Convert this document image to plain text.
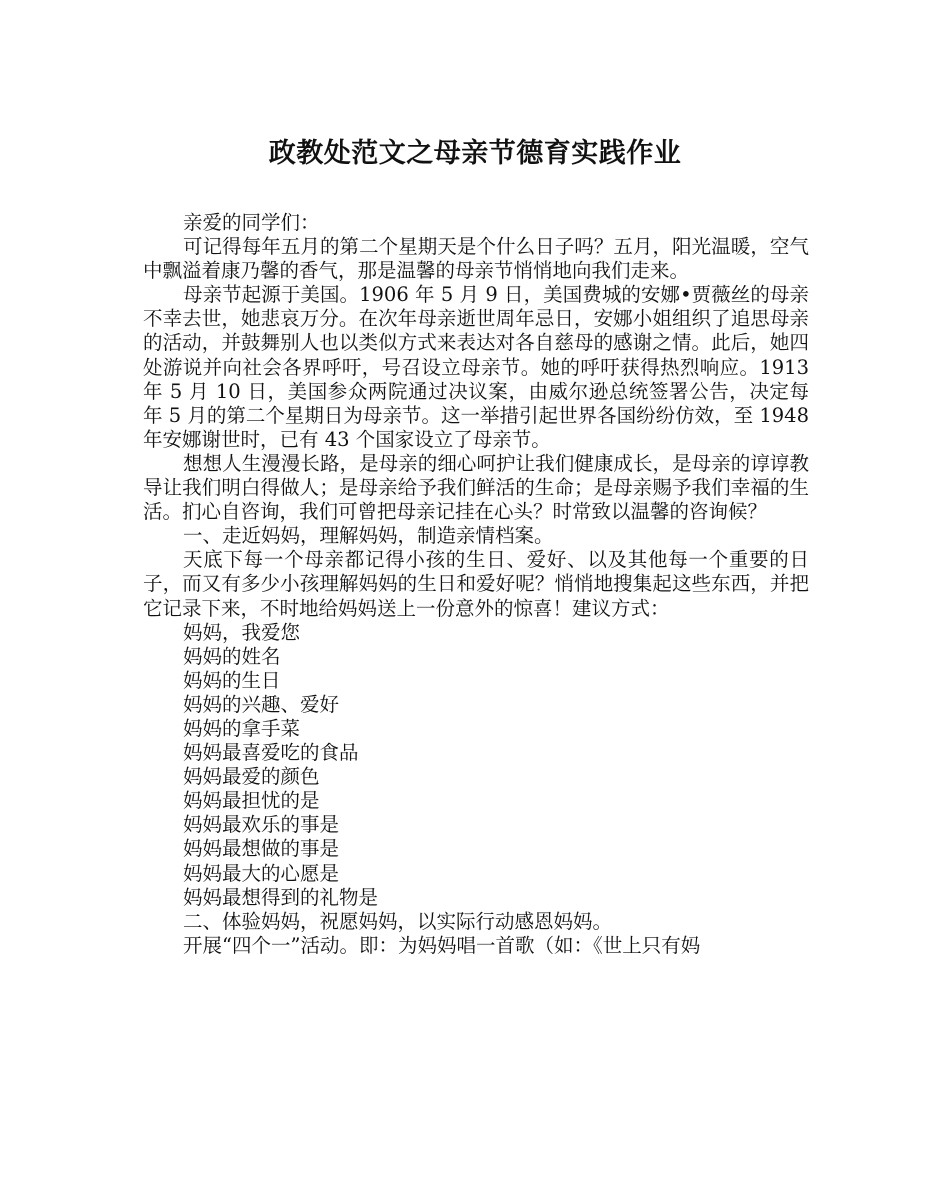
政教处范文之母亲节德育实践作业

亲爱的同学们：

可记得每年五月的第二个星期天是个什么日子吗？五月，阳光温暖，空气中飘溢着康乃馨的香气，那是温馨的母亲节悄悄地向我们走来。

母亲节起源于美国。1906 年 5 月 9 日，美国费城的安娜•贾薇丝的母亲不幸去世，她悲哀万分。在次年母亲逝世周年忌日，安娜小姐组织了追思母亲的活动，并鼓舞别人也以类似方式来表达对各自慈母的感谢之情。此后，她四处游说并向社会各界呼吁，号召设立母亲节。她的呼吁获得热烈响应。1913 年 5 月 10 日，美国参众两院通过决议案，由威尔逊总统签署公告，决定每年 5 月的第二个星期日为母亲节。这一举措引起世界各国纷纷仿效，至 1948 年安娜谢世时，已有 43 个国家设立了母亲节。

想想人生漫漫长路，是母亲的细心呵护让我们健康成长，是母亲的谆谆教导让我们明白得做人；是母亲给予我们鲜活的生命；是母亲赐予我们幸福的生活。扪心自咨询，我们可曾把母亲记挂在心头？时常致以温馨的咨询候？

一、走近妈妈，理解妈妈，制造亲情档案。

天底下每一个母亲都记得小孩的生日、爱好、以及其他每一个重要的日子，而又有多少小孩理解妈妈的生日和爱好呢？悄悄地搜集起这些东西，并把它记录下来，不时地给妈妈送上一份意外的惊喜！建议方式：

妈妈，我爱您

妈妈的姓名

妈妈的生日

妈妈的兴趣、爱好

妈妈的拿手菜

妈妈最喜爱吃的食品

妈妈最爱的颜色

妈妈最担忧的是

妈妈最欢乐的事是

妈妈最想做的事是

妈妈最大的心愿是

妈妈最想得到的礼物是

二、体验妈妈，祝愿妈妈，以实际行动感恩妈妈。

开展“四个一”活动。即：为妈妈唱一首歌（如：《世上只有妈
